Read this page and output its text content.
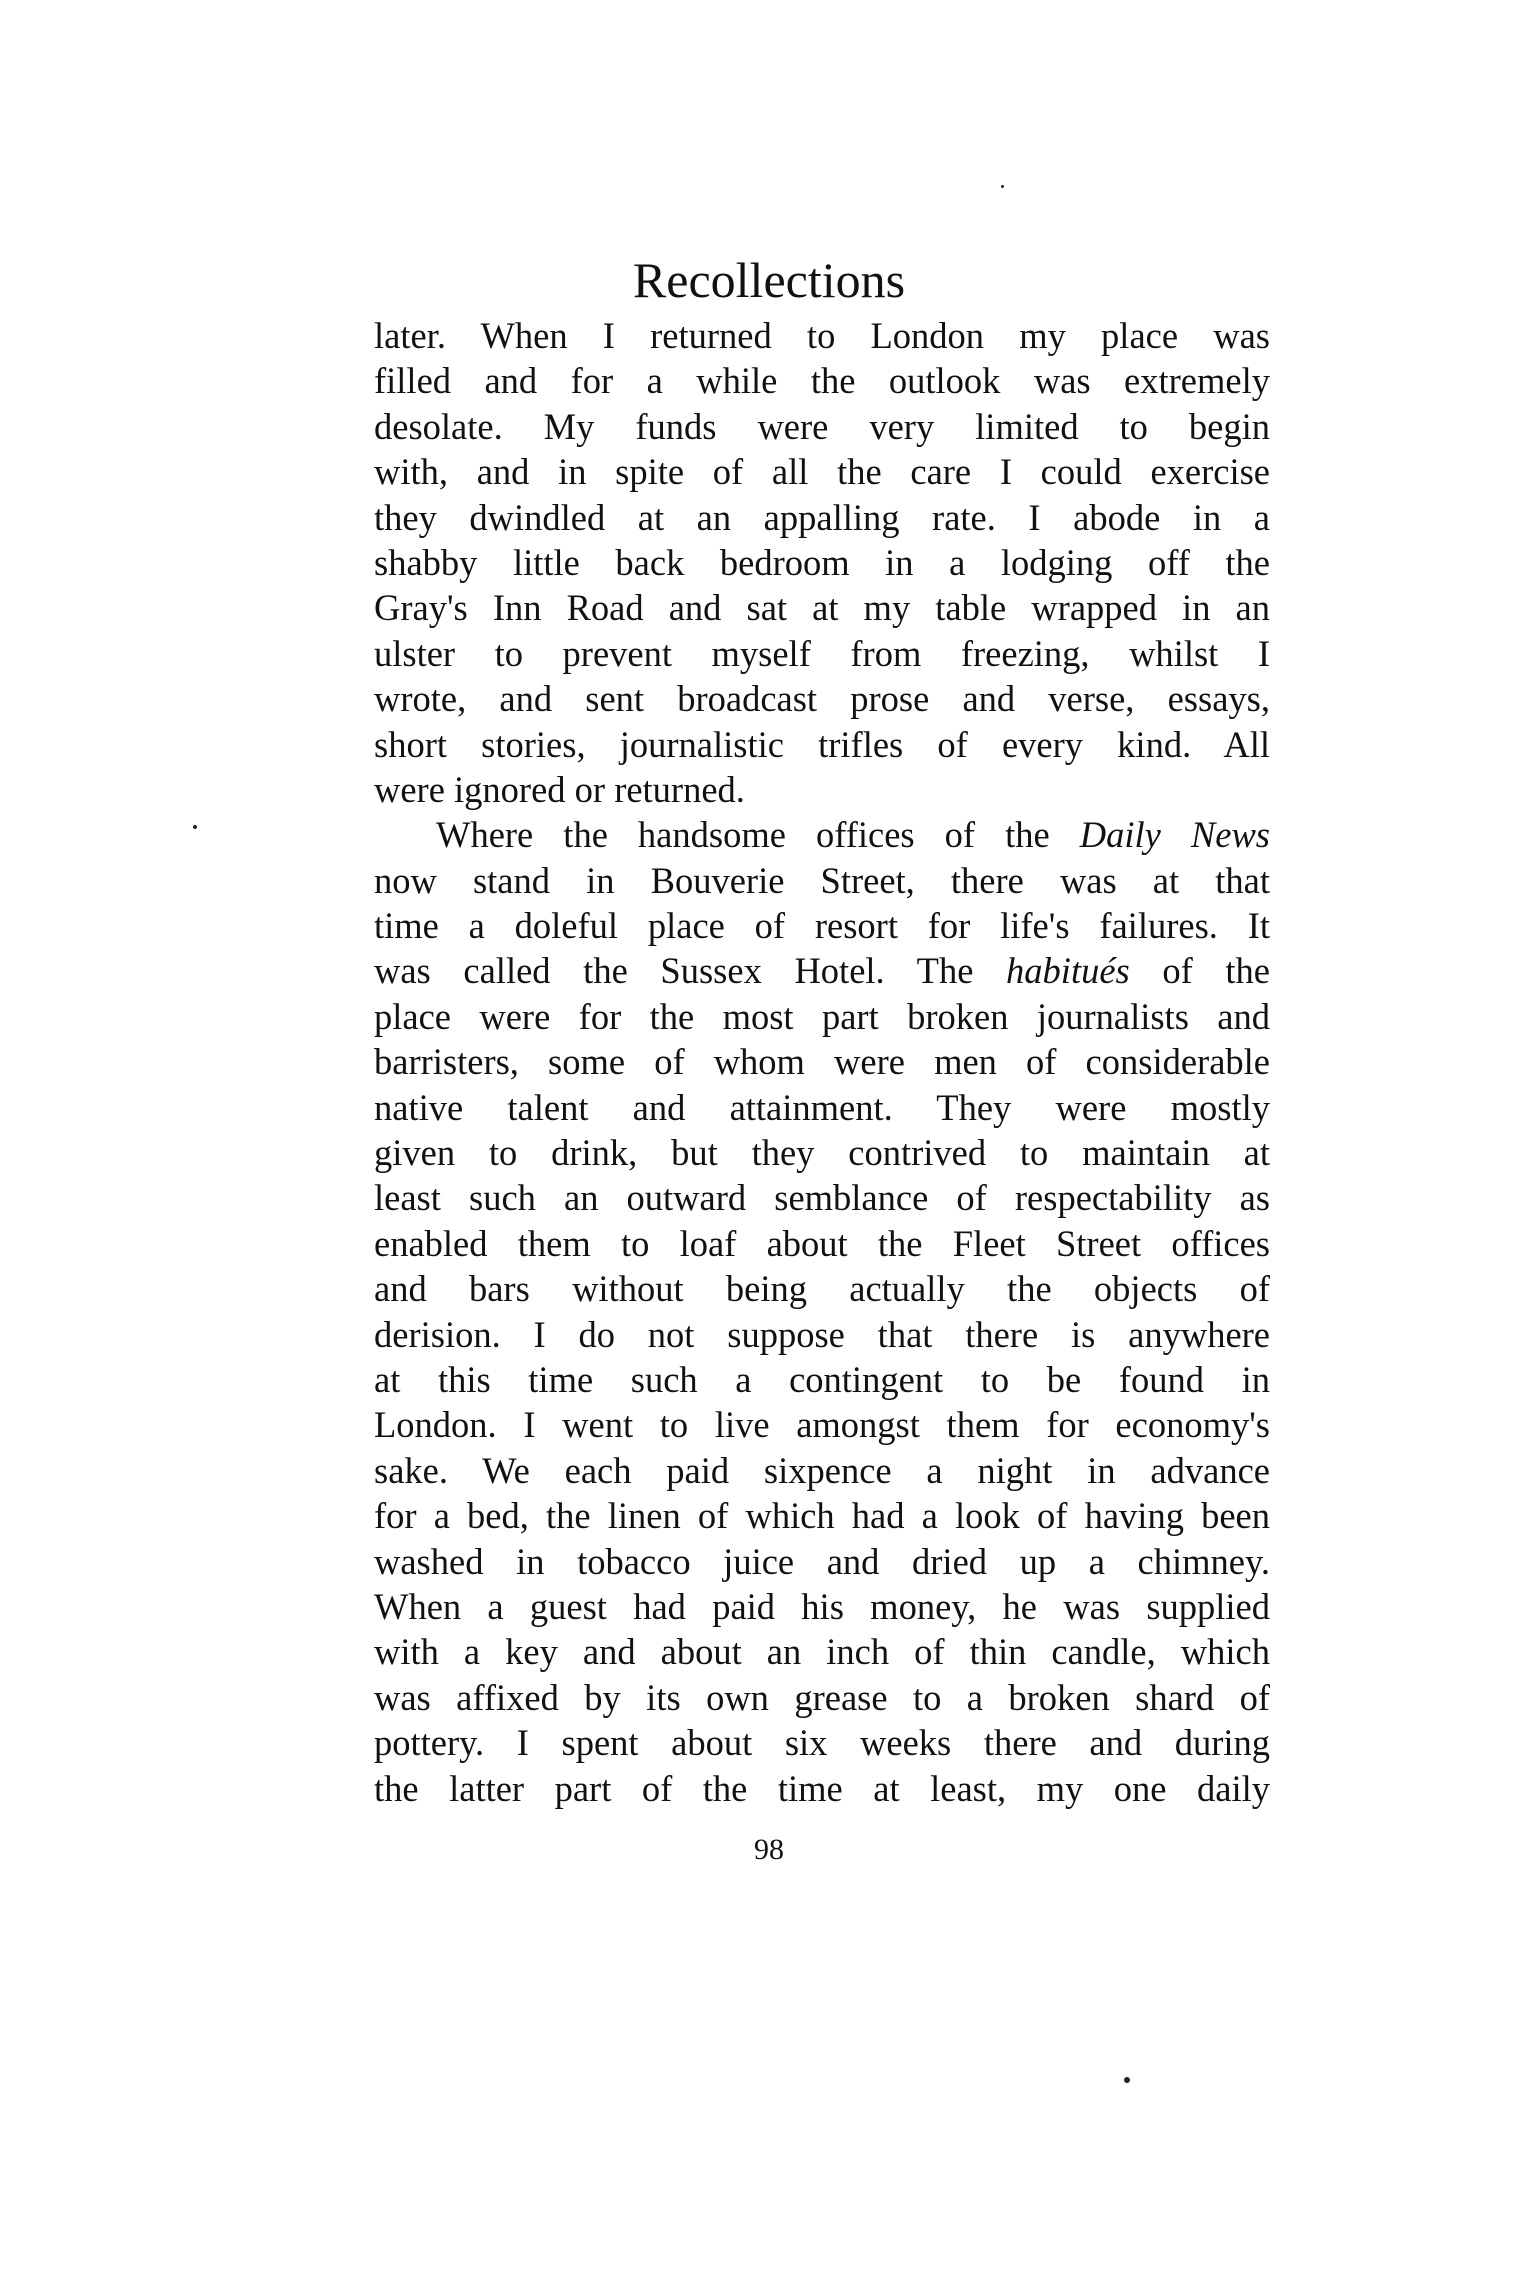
Recollections
later. When I returned to London my place was
filled and for a while the outlook was extremely
desolate. My funds were very limited to begin
with, and in spite of all the care I could exercise
they dwindled at an appalling rate. I abode in a
shabby little back bedroom in a lodging off the
Gray's Inn Road and sat at my table wrapped in an
ulster to prevent myself from freezing, whilst I
wrote, and sent broadcast prose and verse, essays,
short stories, journalistic trifles of every kind. All
were ignored or returned.
Where the handsome offices of the Daily News
now stand in Bouverie Street, there was at that
time a doleful place of resort for life's failures. It
was called the Sussex Hotel. The habitués of the
place were for the most part broken journalists and
barristers, some of whom were men of considerable
native talent and attainment. They were mostly
given to drink, but they contrived to maintain at
least such an outward semblance of respectability as
enabled them to loaf about the Fleet Street offices
and bars without being actually the objects of
derision. I do not suppose that there is anywhere
at this time such a contingent to be found in
London. I went to live amongst them for economy's
sake. We each paid sixpence a night in advance
for a bed, the linen of which had a look of having been
washed in tobacco juice and dried up a chimney.
When a guest had paid his money, he was supplied
with a key and about an inch of thin candle, which
was affixed by its own grease to a broken shard of
pottery. I spent about six weeks there and during
the latter part of the time at least, my one daily
98
